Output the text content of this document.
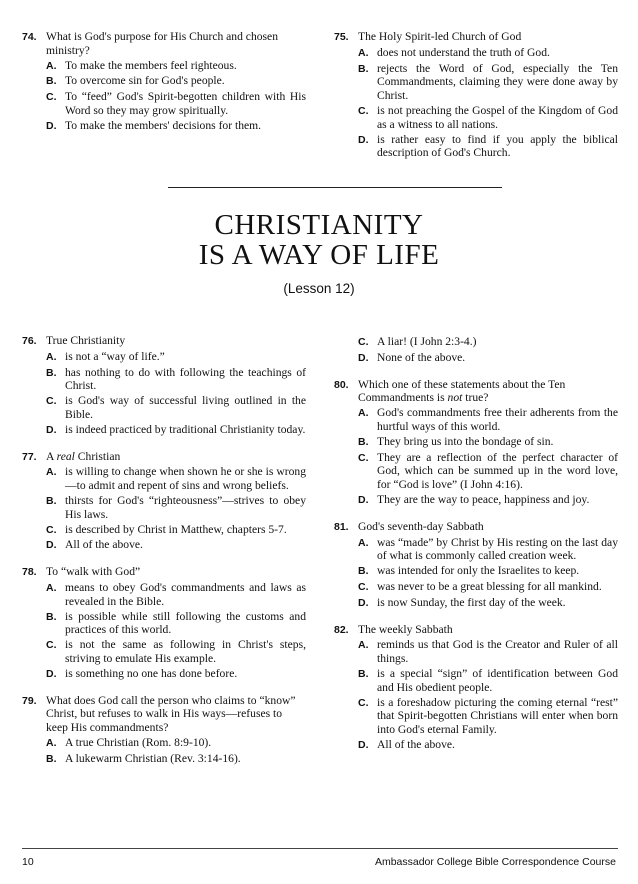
74. What is God's purpose for His Church and chosen ministry?
A. To make the members feel righteous.
B. To overcome sin for God's people.
C. To “feed” God's Spirit-begotten children with His Word so they may grow spiritually.
D. To make the members' decisions for them.
75. The Holy Spirit-led Church of God
A. does not understand the truth of God.
B. rejects the Word of God, especially the Ten Commandments, claiming they were done away by Christ.
C. is not preaching the Gospel of the Kingdom of God as a witness to all nations.
D. is rather easy to find if you apply the biblical description of God's Church.
CHRISTIANITY
IS A WAY OF LIFE
(Lesson 12)
76. True Christianity
A. is not a “way of life.”
B. has nothing to do with following the teachings of Christ.
C. is God's way of successful living outlined in the Bible.
D. is indeed practiced by traditional Christianity today.
77. A real Christian
A. is willing to change when shown he or she is wrong—to admit and repent of sins and wrong beliefs.
B. thirsts for God's “righteousness”—strives to obey His laws.
C. is described by Christ in Matthew, chapters 5-7.
D. All of the above.
78. To “walk with God”
A. means to obey God's commandments and laws as revealed in the Bible.
B. is possible while still following the customs and practices of this world.
C. is not the same as following in Christ's steps, striving to emulate His example.
D. is something no one has done before.
79. What does God call the person who claims to “know” Christ, but refuses to walk in His ways—refuses to keep His commandments?
A. A true Christian (Rom. 8:9-10).
B. A lukewarm Christian (Rev. 3:14-16).
C. A liar! (I John 2:3-4.)
D. None of the above.
80. Which one of these statements about the Ten Commandments is not true?
A. God's commandments free their adherents from the hurtful ways of this world.
B. They bring us into the bondage of sin.
C. They are a reflection of the perfect character of God, which can be summed up in the word love, for “God is love” (I John 4:16).
D. They are the way to peace, happiness and joy.
81. God's seventh-day Sabbath
A. was “made” by Christ by His resting on the last day of what is commonly called creation week.
B. was intended for only the Israelites to keep.
C. was never to be a great blessing for all mankind.
D. is now Sunday, the first day of the week.
82. The weekly Sabbath
A. reminds us that God is the Creator and Ruler of all things.
B. is a special “sign” of identification between God and His obedient people.
C. is a foreshadow picturing the coming eternal “rest” that Spirit-begotten Christians will enter when born into God's eternal Family.
D. All of the above.
10	Ambassador College Bible Correspondence Course
